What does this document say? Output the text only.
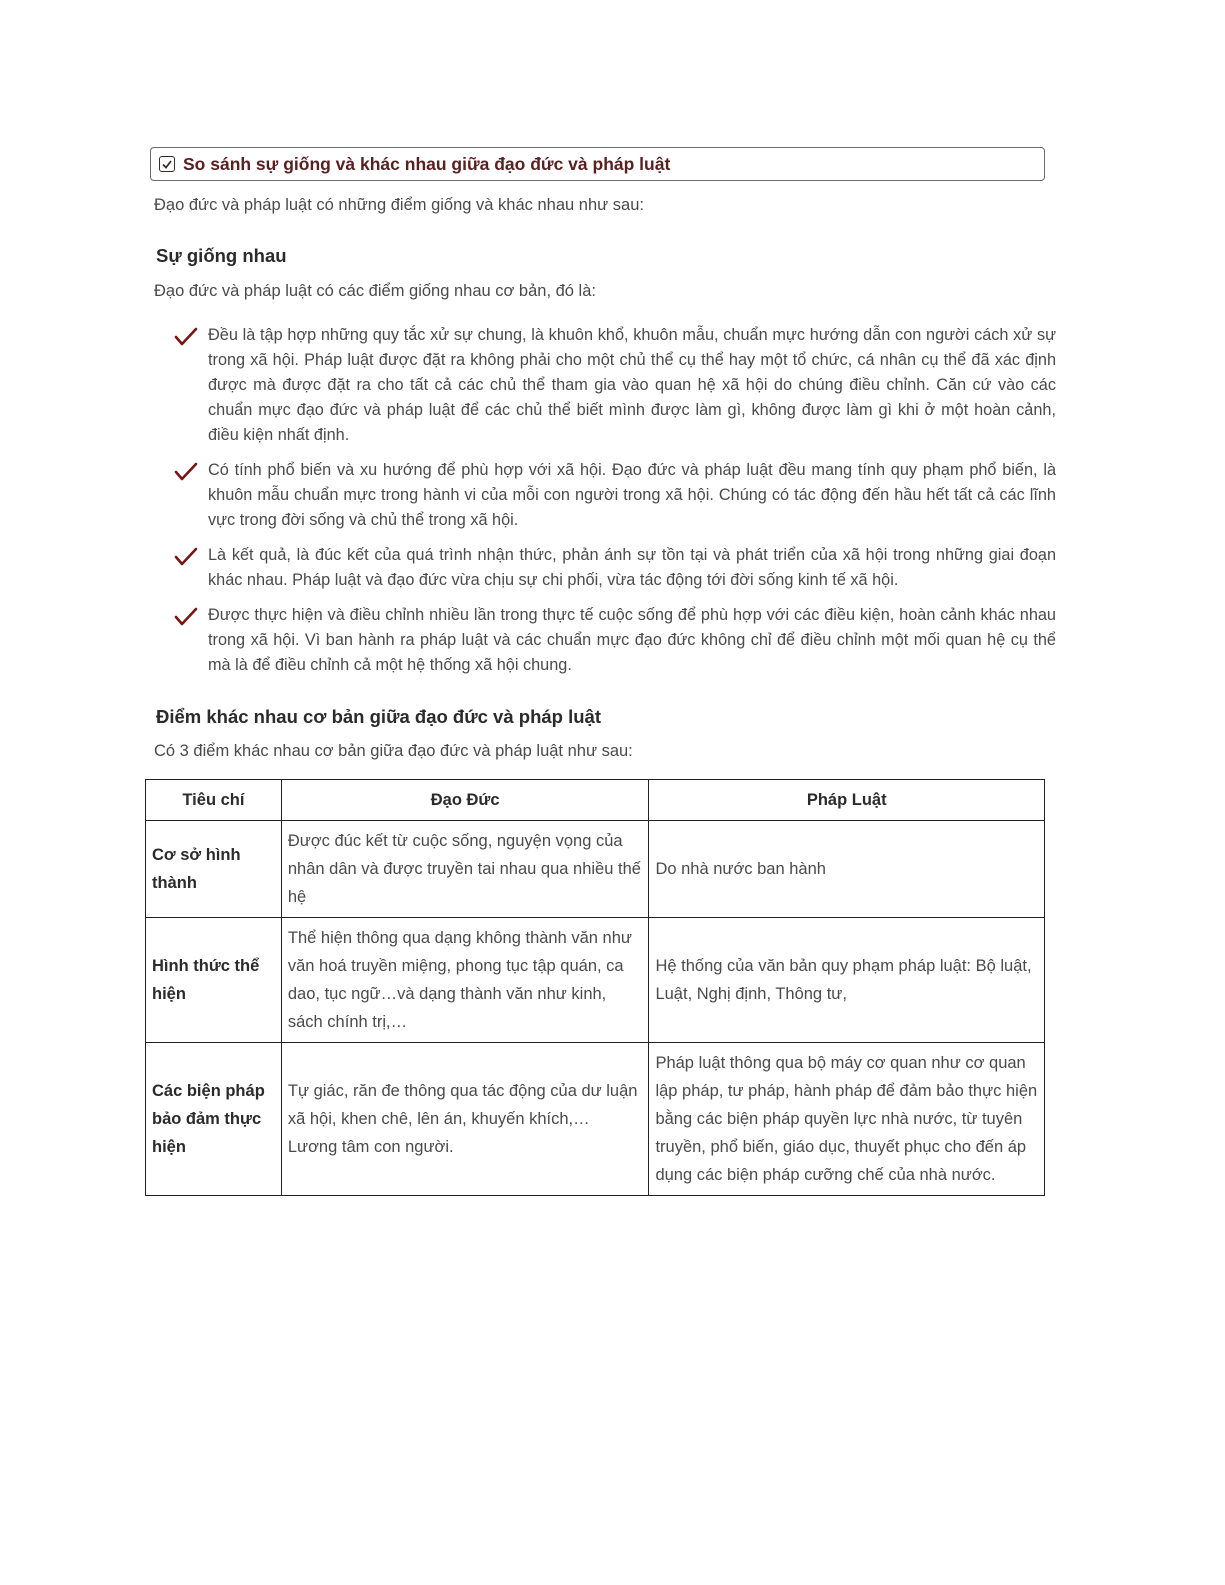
So sánh sự giống và khác nhau giữa đạo đức và pháp luật
Đạo đức và pháp luật có những điểm giống và khác nhau như sau:
Sự giống nhau
Đạo đức và pháp luật có các điểm giống nhau cơ bản, đó là:
Đều là tập hợp những quy tắc xử sự chung, là khuôn khổ, khuôn mẫu, chuẩn mực hướng dẫn con người cách xử sự trong xã hội. Pháp luật được đặt ra không phải cho một chủ thể cụ thể hay một tổ chức, cá nhân cụ thể đã xác định được mà được đặt ra cho tất cả các chủ thể tham gia vào quan hệ xã hội do chúng điều chỉnh. Căn cứ vào các chuẩn mực đạo đức và pháp luật để các chủ thể biết mình được làm gì, không được làm gì khi ở một hoàn cảnh, điều kiện nhất định.
Có tính phổ biến và xu hướng để phù hợp với xã hội. Đạo đức và pháp luật đều mang tính quy phạm phổ biến, là khuôn mẫu chuẩn mực trong hành vi của mỗi con người trong xã hội. Chúng có tác động đến hầu hết tất cả các lĩnh vực trong đời sống và chủ thể trong xã hội.
Là kết quả, là đúc kết của quá trình nhận thức, phản ánh sự tồn tại và phát triển của xã hội trong những giai đoạn khác nhau. Pháp luật và đạo đức vừa chịu sự chi phối, vừa tác động tới đời sống kinh tế xã hội.
Được thực hiện và điều chỉnh nhiều lần trong thực tế cuộc sống để phù hợp với các điều kiện, hoàn cảnh khác nhau trong xã hội. Vì ban hành ra pháp luật và các chuẩn mực đạo đức không chỉ để điều chỉnh một mối quan hệ cụ thể mà là để điều chỉnh cả một hệ thống xã hội chung.
Điểm khác nhau cơ bản giữa đạo đức và pháp luật
Có 3 điểm khác nhau cơ bản giữa đạo đức và pháp luật như sau:
Tiêu chí	Đạo Đức	Pháp Luật
Cơ sở hình thành	Được đúc kết từ cuộc sống, nguyện vọng của nhân dân và được truyền tai nhau qua nhiều thế hệ	Do nhà nước ban hành
Hình thức thể hiện	Thể hiện thông qua dạng không thành văn như văn hoá truyền miệng, phong tục tập quán, ca dao, tục ngữ…và dạng thành văn như kinh, sách chính trị,…	Hệ thống của văn bản quy phạm pháp luật: Bộ luật, Luật, Nghị định, Thông tư,
Các biện pháp bảo đảm thực hiện	Tự giác, răn đe thông qua tác động của dư luận xã hội, khen chê, lên án, khuyến khích,… Lương tâm con người.	Pháp luật thông qua bộ máy cơ quan như cơ quan lập pháp, tư pháp, hành pháp để đảm bảo thực hiện bằng các biện pháp quyền lực nhà nước, từ tuyên truyền, phổ biến, giáo dục, thuyết phục cho đến áp dụng các biện pháp cưỡng chế của nhà nước.
